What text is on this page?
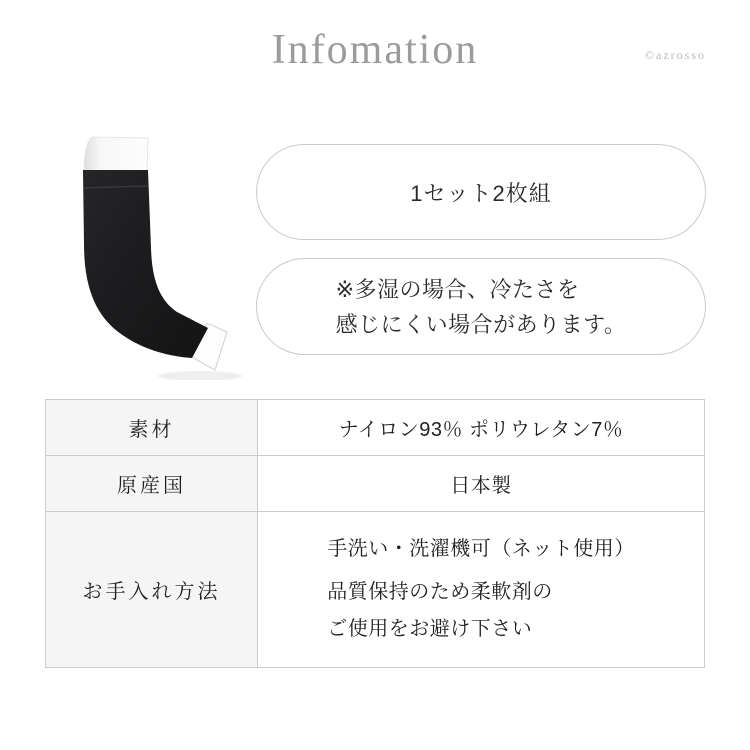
Infomation	©azrosso
1セット2枚組
※多湿の場合、冷たさを
感じにくい場合があります。
素材	ナイロン93％ ポリウレタン7％
原産国	日本製
お手入れ方法	手洗い・洗濯機可（ネット使用）
品質保持のため柔軟剤の
ご使用をお避け下さい
